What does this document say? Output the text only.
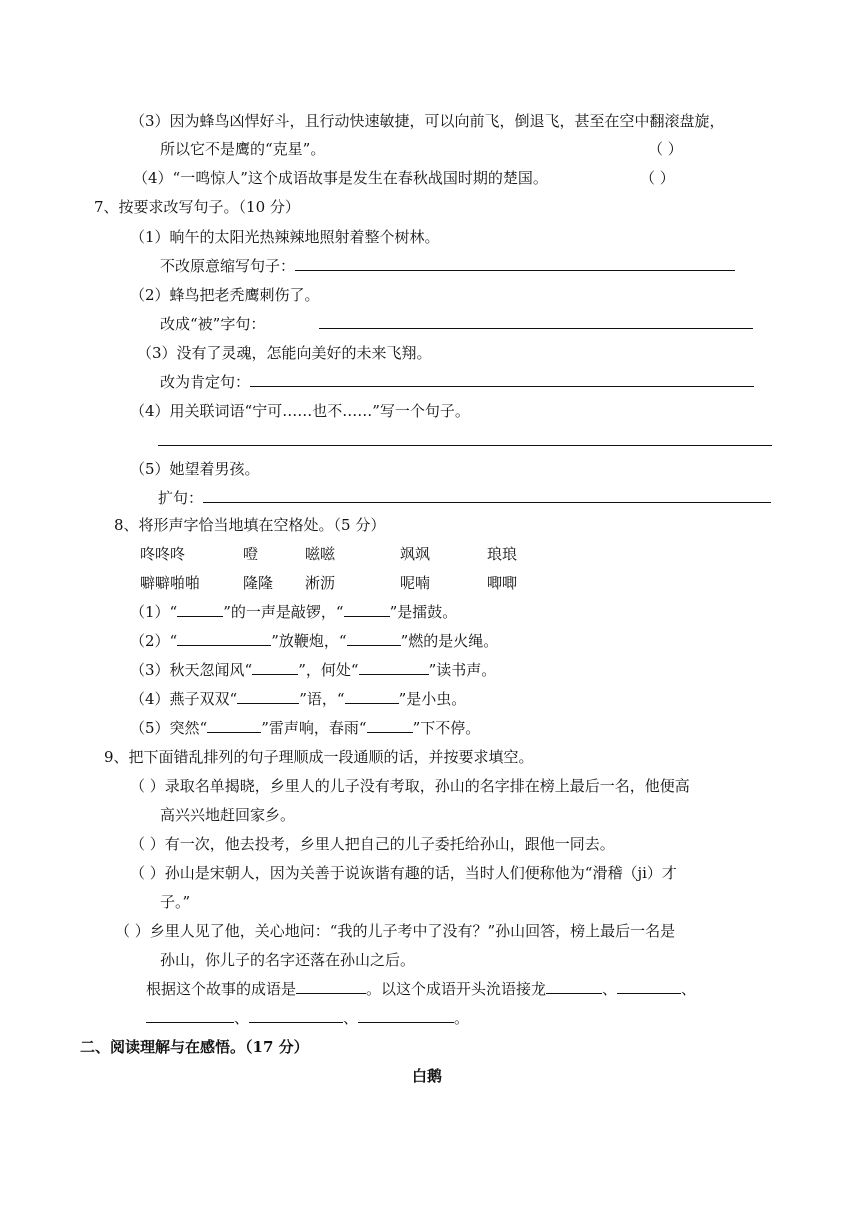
（3）因为蜂鸟凶悍好斗，且行动快速敏捷，可以向前飞，倒退飞，甚至在空中翻滚盘旋，
所以它不是鹰的“克星”。	（ ）
（4）“一鸣惊人”这个成语故事是发生在春秋战国时期的楚国。	（ ）
7、按要求改写句子。（10 分）
（1）晌午的太阳光热辣辣地照射着整个树林。
不改原意缩写句子：
（2）蜂鸟把老秃鹰刺伤了。
改成“被”字句：
（3）没有了灵魂，怎能向美好的未来飞翔。
改为肯定句：
（4）用关联词语“宁可……也不……”写一个句子。
（5）她望着男孩。
扩句：
8、将形声字恰当地填在空格处。（5 分）
咚咚咚	噔	嗞嗞	飒飒	琅琅
噼噼啪啪	隆隆 淅沥	呢喃	唧唧
（1）“	”的一声是敲锣，“	”是擂鼓。
（2）“	”放鞭炮，“	”燃的是火绳。
（3）秋天忽闻风“	”，何处“	”读书声。
（4）燕子双双“	”语，“	”是小虫。
（5）突然“	”雷声响，春雨“	”下不停。
9、把下面错乱排列的句子理顺成一段通顺的话，并按要求填空。
（ ）录取名单揭晓，乡里人的儿子没有考取，孙山的名字排在榜上最后一名，他便高
高兴兴地赶回家乡。
（ ）有一次，他去投考，乡里人把自己的儿子委托给孙山，跟他一同去。
（ ）孙山是宋朝人，因为关善于说诙谐有趣的话，当时人们便称他为“滑稽（ji）才
子。”
（ ）乡里人见了他，关心地问：“我的儿子考中了没有？”孙山回答，榜上最后一名是
孙山，你儿子的名字还落在孙山之后。
根据这个故事的成语是	。以这个成语开头沇语接龙	、	、
、	、	。
二、阅读理解与在感悟。（17 分）
白鹅
